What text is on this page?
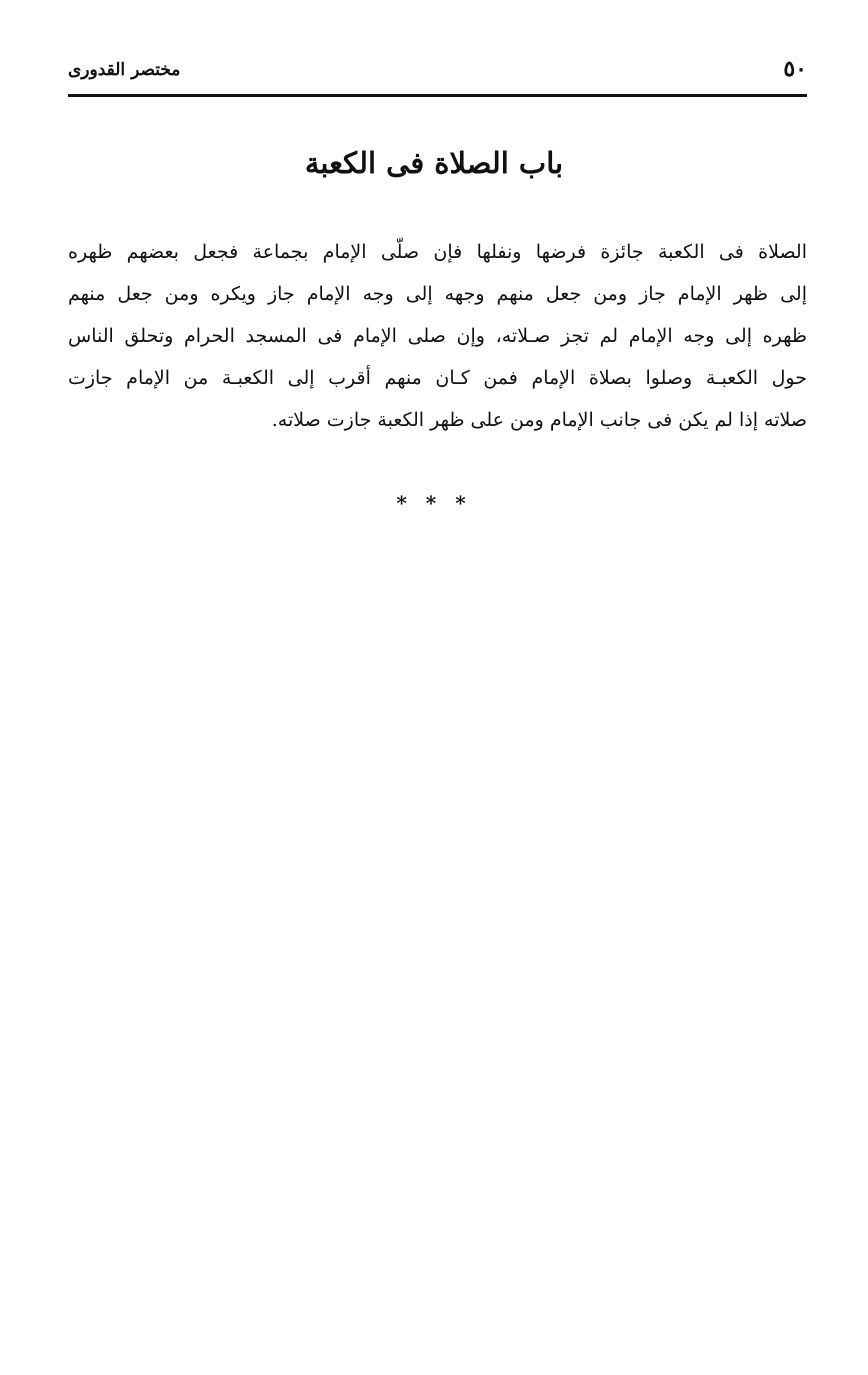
٥٠
مختصر القدورى
باب الصلاة فى الكعبة
الصلاة فى الكعبة جائزة فرضها ونفلها فإن صلّى الإمام بجماعة فجعل بعضهم ظهره
إلى ظهر الإمام جاز ومن جعل منهم وجهه إلى وجه الإمام جاز ويكره ومن جعل منهم
ظهره إلى وجه الإمام لم تجز صـلاته، وإن صلى الإمام فى المسجد الحرام وتحلق الناس
حول الكعبـة وصلوا بصلاة الإمام فمن كـان منهم أقرب إلى الكعبـة من الإمام جازت
صلاته إذا لم يكن فى جانب الإمام ومن على ظهر الكعبة جازت صلاته.
* * *
